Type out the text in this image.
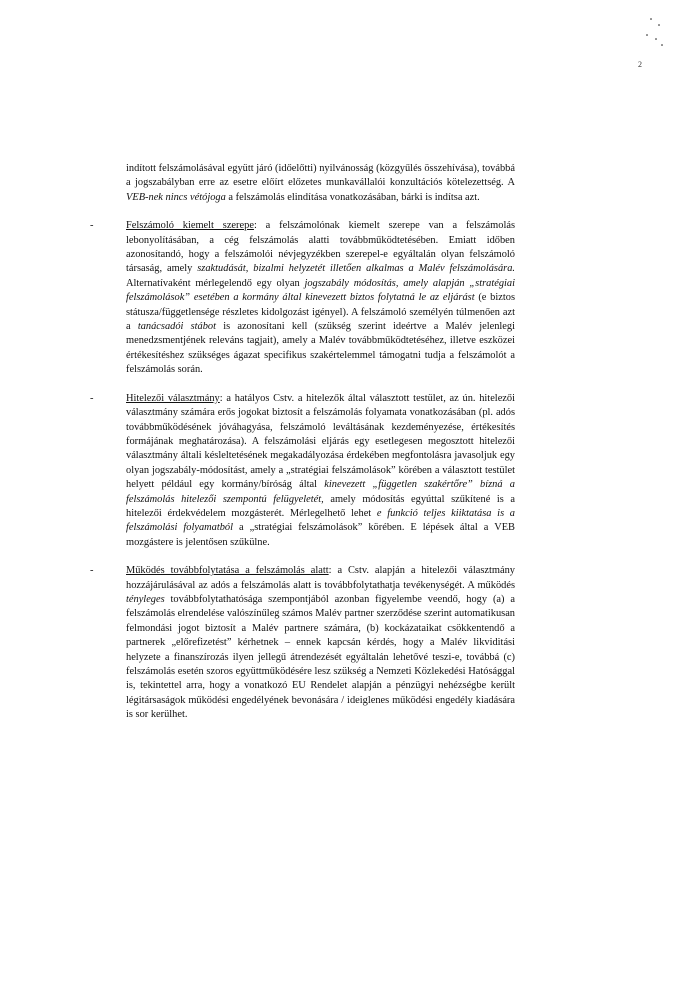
2
indított felszámolásával együtt járó (időelőtti) nyilvánosság (közgyűlés összehívása), továbbá a jogszabályban erre az esetre előírt előzetes munkavállalói konzultációs kötelezettség. A VEB-nek nincs vétójoga a felszámolás elindítása vonatkozásában, bárki is indítsa azt.
-	Felszámoló kiemelt szerepe: a felszámolónak kiemelt szerepe van a felszámolás lebonyolításában, a cég felszámolás alatti továbbműködtetésében. Emiatt időben azonosítandó, hogy a felszámolói névjegyzékben szerepel-e egyáltalán olyan felszámoló társaság, amely szaktudását, bizalmi helyzetét illetően alkalmas a Malév felszámolására. Alternatívaként mérlegelendő egy olyan jogszabály módosítás, amely alapján „stratégiai felszámolások” esetében a kormány által kinevezett biztos folytatná le az eljárást (e biztos státusza/függetlensége részletes kidolgozást igényel). A felszámoló személyén túlmenően azt a tanácsadói stábot is azonosítani kell (szükség szerint ideértve a Malév jelenlegi menedzsmentjének releváns tagjait), amely a Malév továbbműködtetéséhez, illetve eszközei értékesítéshez szükséges ágazat specifikus szakértelemmel támogatni tudja a felszámolót a felszámolás során.
-	Hitelezői választmány: a hatályos Cstv. a hitelezők által választott testület, az ún. hitelezői választmány számára erős jogokat biztosít a felszámolás folyamata vonatkozásában (pl. adós továbbműködésének jóváhagyása, felszámoló leváltásának kezdeményezése, értékesítés formájának meghatározása). A felszámolási eljárás egy esetlegesen megosztott hitelezői választmány általi késleltetésének megakadályozása érdekében megfontolásra javasoljuk egy olyan jogszabály-módosítást, amely a „stratégiai felszámolások” körében a választott testület helyett például egy kormány/bíróság által kinevezett „független szakértőre” bízná a felszámolás hitelezői szempontú felügyeletét, amely módosítás egyúttal szűkítené is a hitelezői érdekvédelem mozgásterét. Mérlegelhető lehet e funkció teljes kiiktatása is a felszámolási folyamatból a „stratégiai felszámolások” körében. E lépések által a VEB mozgástere is jelentősen szűkülne.
-	Működés továbbfolytatása a felszámolás alatt: a Cstv. alapján a hitelezői választmány hozzájárulásával az adós a felszámolás alatt is továbbfolytathatja tevékenységét. A működés tényleges továbbfolytathatósága szempontjából azonban figyelembe veendő, hogy (a) a felszámolás elrendelése valószínűleg számos Malév partner szerződése szerint automatikusan felmondási jogot biztosít a Malév partnere számára, (b) kockázataikat csökkentendő a partnerek „előrefizetést” kérhetnek – ennek kapcsán kérdés, hogy a Malév likviditási helyzete a finanszírozás ilyen jellegű átrendezését egyáltalán lehetővé teszi-e, továbbá (c) felszámolás esetén szoros együttműködésére lesz szükség a Nemzeti Közlekedési Hatósággal is, tekintettel arra, hogy a vonatkozó EU Rendelet alapján a pénzügyi nehézségbe került légitársaságok működési engedélyének bevonására / ideiglenes működési engedély kiadására is sor kerülhet.
